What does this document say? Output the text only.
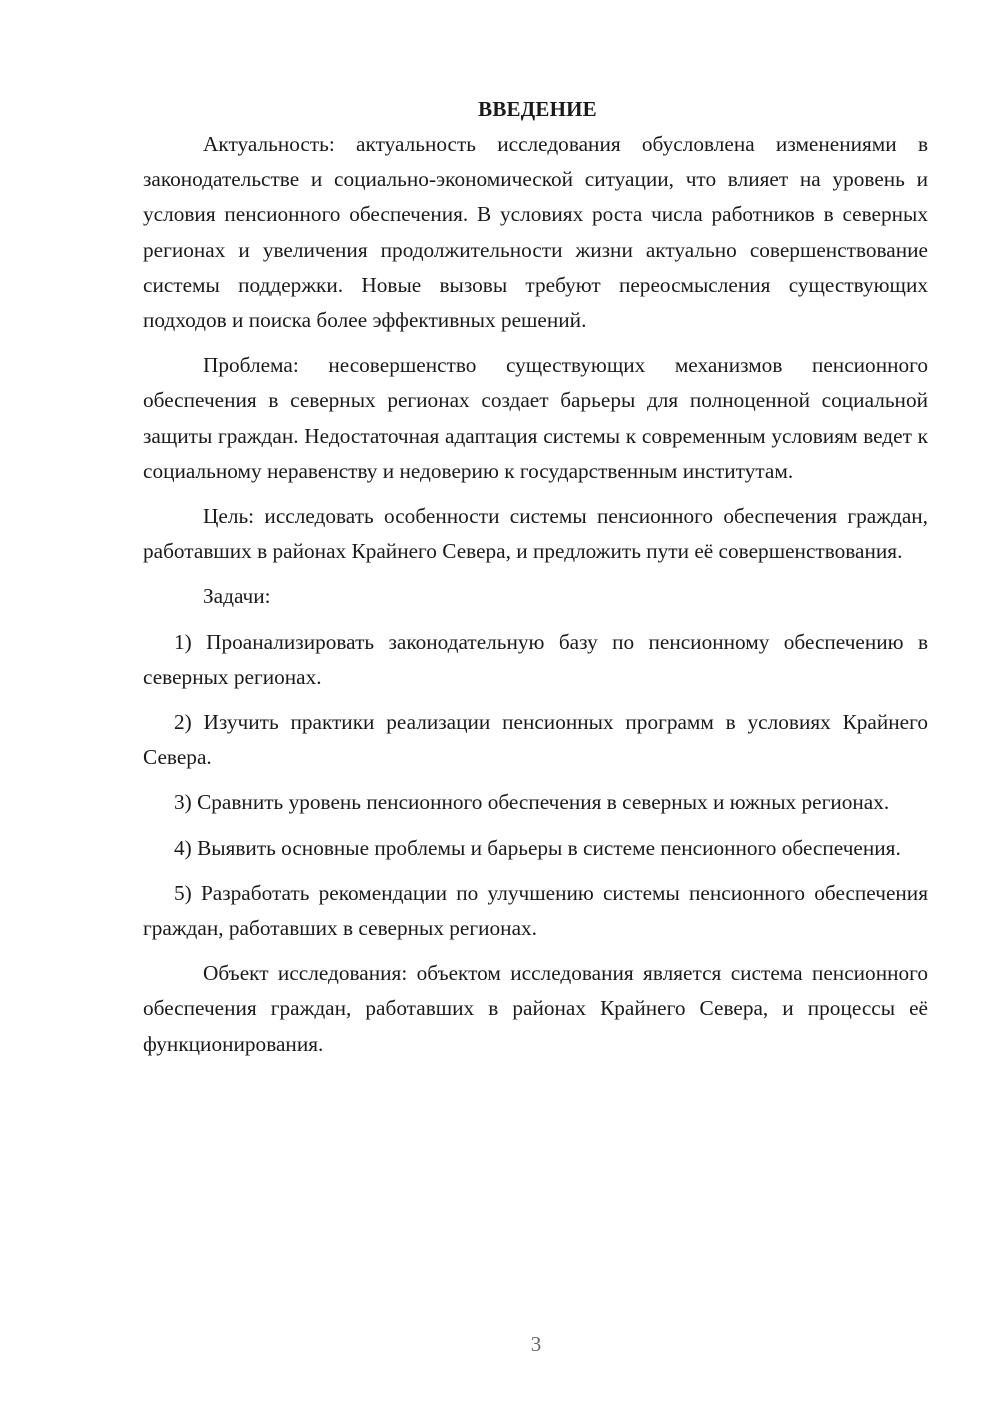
ВВЕДЕНИЕ

Актуальность: актуальность исследования обусловлена изменениями в законодательстве и социально-экономической ситуации, что влияет на уровень и условия пенсионного обеспечения. В условиях роста числа работников в северных регионах и увеличения продолжительности жизни актуально совершенствование системы поддержки. Новые вызовы требуют переосмысления существующих подходов и поиска более эффективных решений.

Проблема: несовершенство существующих механизмов пенсионного обеспечения в северных регионах создает барьеры для полноценной социальной защиты граждан. Недостаточная адаптация системы к современным условиям ведет к социальному неравенству и недоверию к государственным институтам.

Цель: исследовать особенности системы пенсионного обеспечения граждан, работавших в районах Крайнего Севера, и предложить пути её совершенствования.

Задачи:

1) Проанализировать законодательную базу по пенсионному обеспечению в северных регионах.

2) Изучить практики реализации пенсионных программ в условиях Крайнего Севера.

3) Сравнить уровень пенсионного обеспечения в северных и южных регионах.

4) Выявить основные проблемы и барьеры в системе пенсионного обеспечения.

5) Разработать рекомендации по улучшению системы пенсионного обеспечения граждан, работавших в северных регионах.

Объект исследования: объектом исследования является система пенсионного обеспечения граждан, работавших в районах Крайнего Севера, и процессы её функционирования.

3
